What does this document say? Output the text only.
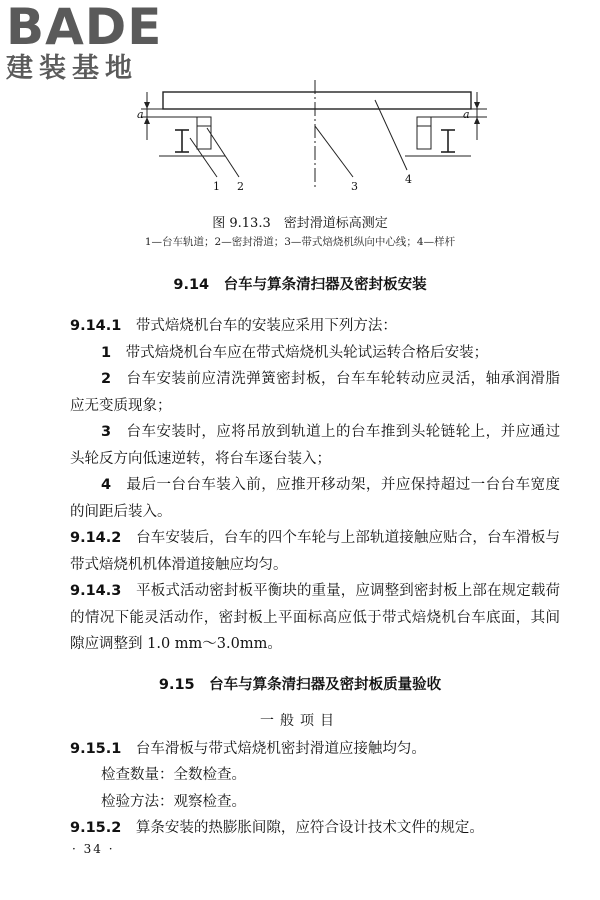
BADE
建装基地
a	a
1 2	3
4
图 9.13.3　密封滑道标高测定
1—台车轨道；2—密封滑道；3—带式焙烧机纵向中心线；4—样杆
9.14　台车与算条清扫器及密封板安装
9.14.1　带式焙烧机台车的安装应采用下列方法：
1　带式焙烧机台车应在带式焙烧机头轮试运转合格后安装；
2　台车安装前应清洗弹簧密封板，台车车轮转动应灵活，轴承润滑脂应无变质现象；
3　台车安装时，应将吊放到轨道上的台车推到头轮链轮上，并应通过头轮反方向低速逆转，将台车逐台装入；
4　最后一台台车装入前，应推开移动架，并应保持超过一台台车宽度的间距后装入。
9.14.2　台车安装后，台车的四个车轮与上部轨道接触应贴合，台车滑板与带式焙烧机机体滑道接触应均匀。
9.14.3　平板式活动密封板平衡块的重量，应调整到密封板上部在规定载荷的情况下能灵活动作，密封板上平面标高应低于带式焙烧机台车底面，其间隙应调整到 1.0 mm～3.0mm。
9.15　台车与算条清扫器及密封板质量验收
一般项目
9.15.1　台车滑板与带式焙烧机密封滑道应接触均匀。
检查数量：全数检查。
检验方法：观察检查。
9.15.2　算条安装的热膨胀间隙，应符合设计技术文件的规定。
· 34 ·
